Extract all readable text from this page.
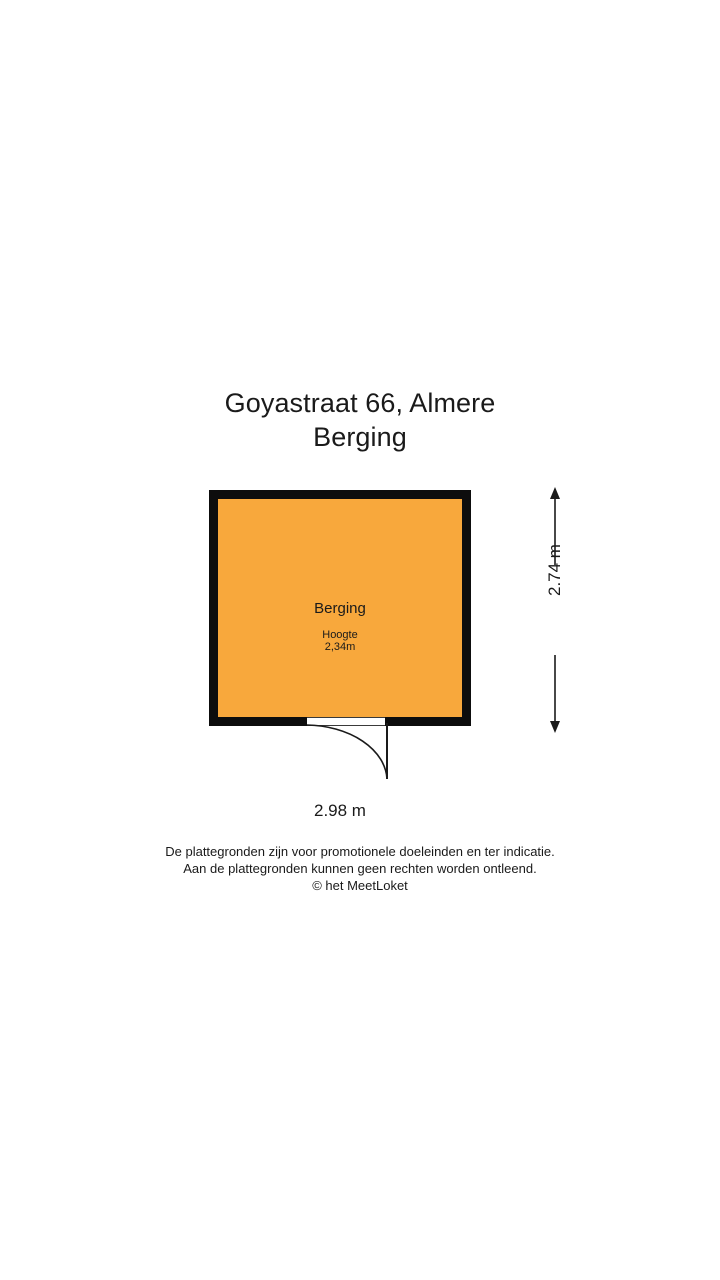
Goyastraat 66, Almere
Berging
Berging
Hoogte
2,34m
2.74 m
2.98 m
De plattegronden zijn voor promotionele doeleinden en ter indicatie.
Aan de plattegronden kunnen geen rechten worden ontleend.
© het MeetLoket
